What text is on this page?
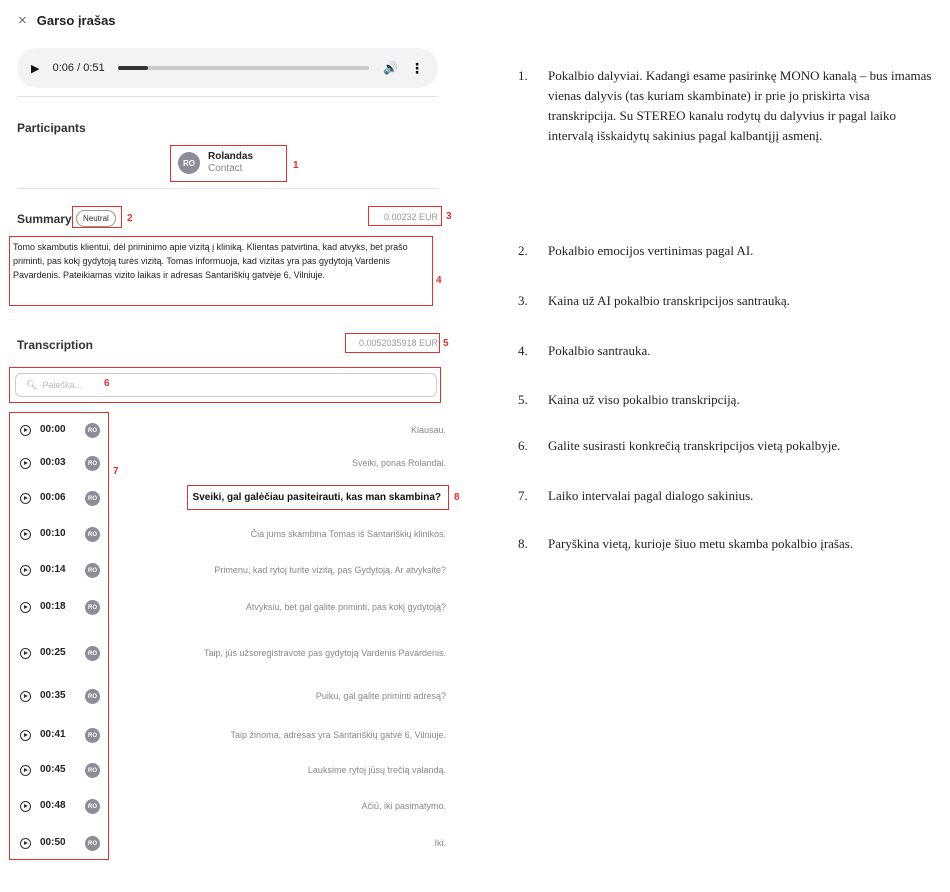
× Garso įrašas
▶	0:06 / 0:51	🔊 ⋮
Participants
RO
Rolandas
Contact	1
Summary	Neutral	2	0.00232 EUR 3
Tomo skambutis klientui, dėl priminimo apie vizitą į kliniką. Klientas patvirtina, kad atvyks, bet prašo priminti, pas kokį gydytoją turės vizitą. Tomas informuoja, kad vizitas yra pas gydytoją Vardenis Pavardenis. Pateikiamas vizito laikas ir adresas Santariškių gatvėje 6, Vilniuje.	4
Transcription	0.0052035918 EUR 5
🔍︎
Paieška...	6
00:00	RO	Klausau.
00:03	RO	Sveiki, ponas Rolandai.
00:06	RO	Sveiki, gal galėčiau pasiteirauti, kas man skambina?
00:10	RO	Čia jums skambina Tomas iš Santariškių klinikos.
00:14	RO	Primenu, kad rytoj turite vizitą, pas Gydytoją. Ar atvyksite?
00:18	RO	Atvyksiu, bet gal galite priminti, pas kokį gydytoją?
00:25	RO	Taip, jūs užsoregistravote pas gydytoją Vardenis Pavardenis.
00:35	RO	Puiku, gal galite priminti adresą?
00:41	RO	Taip žinoma, adresas yra Santariškių gatvė 6, Vilniuje.
00:45	RO	Lauksime rytoj jūsų trečią valandą.
00:48	RO	Ačiū, iki pasimatymo.
00:50	RO	Iki.
7
8
1.	Pokalbio dalyviai. Kadangi esame pasirinkę MONO kanalą – bus imamas vienas dalyvis (tas kuriam skambinate) ir prie jo priskirta visa transkripcija. Su STEREO kanalu rodytų du dalyvius ir pagal laiko intervalą išskaidytų sakinius pagal kalbantįjį asmenį.
2.	Pokalbio emocijos vertinimas pagal AI.
3.	Kaina už AI pokalbio transkripcijos santrauką.
4.	Pokalbio santrauka.
5.	Kaina už viso pokalbio transkripciją.
6.	Galite susirasti konkrečią transkripcijos vietą pokalbyje.
7.	Laiko intervalai pagal dialogo sakinius.
8.	Paryškina vietą, kurioje šiuo metu skamba pokalbio įrašas.
